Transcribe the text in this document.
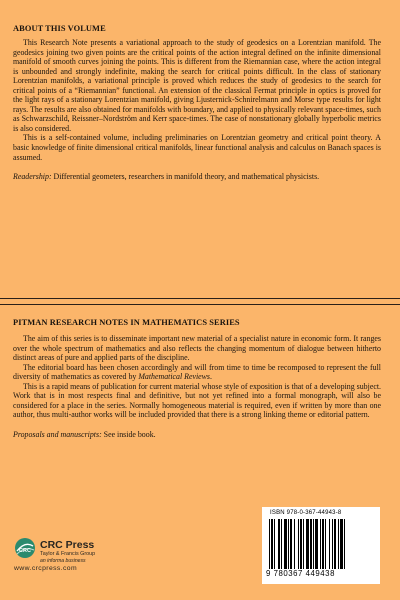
ABOUT THIS VOLUME

This Research Note presents a variational approach to the study of geodesics on a Lorentzian manifold. The geodesics joining two given points are the critical points of the action integral defined on the infinite dimensional manifold of smooth curves joining the points. This is different from the Riemannian case, where the action integral is unbounded and strongly indefinite, making the search for critical points difficult. In the class of stationary Lorentzian manifolds, a variational principle is proved which reduces the study of geodesics to the search for critical points of a “Riemannian” functional. An extension of the classical Fermat principle in optics is proved for the light rays of a stationary Lorentzian manifold, giving Ljusternick-Schnirelmann and Morse type results for light rays. The results are also obtained for manifolds with boundary, and applied to physically relevant space-times, such as Schwarzschild, Reissner–Nordström and Kerr space-times. The case of nonstationary globally hyperbolic metrics is also considered.

This is a self-contained volume, including preliminaries on Lorentzian geometry and critical point theory. A basic knowledge of finite dimensional critical manifolds, linear functional analysis and calculus on Banach spaces is assumed.

Readership: Differential geometers, researchers in manifold theory, and mathematical physicists.

PITMAN RESEARCH NOTES IN MATHEMATICS SERIES

The aim of this series is to disseminate important new material of a specialist nature in economic form. It ranges over the whole spectrum of mathematics and also reflects the changing momentum of dialogue between hitherto distinct areas of pure and applied parts of the discipline.

The editorial board has been chosen accordingly and will from time to time be recomposed to represent the full diversity of mathematics as covered by Mathematical Reviews.

This is a rapid means of publication for current material whose style of exposition is that of a developing subject. Work that is in most respects final and definitive, but not yet refined into a formal monograph, will also be considered for a place in the series. Normally homogeneous material is required, even if written by more than one author, thus multi-author works will be included provided that there is a strong linking theme or editorial pattern.

Proposals and manuscripts: See inside book.

CRC CRC Press
Taylor & Francis Group
an informa business
www.crcpress.com
ISBN 978-0-367-44943-8
9 780367 449438
